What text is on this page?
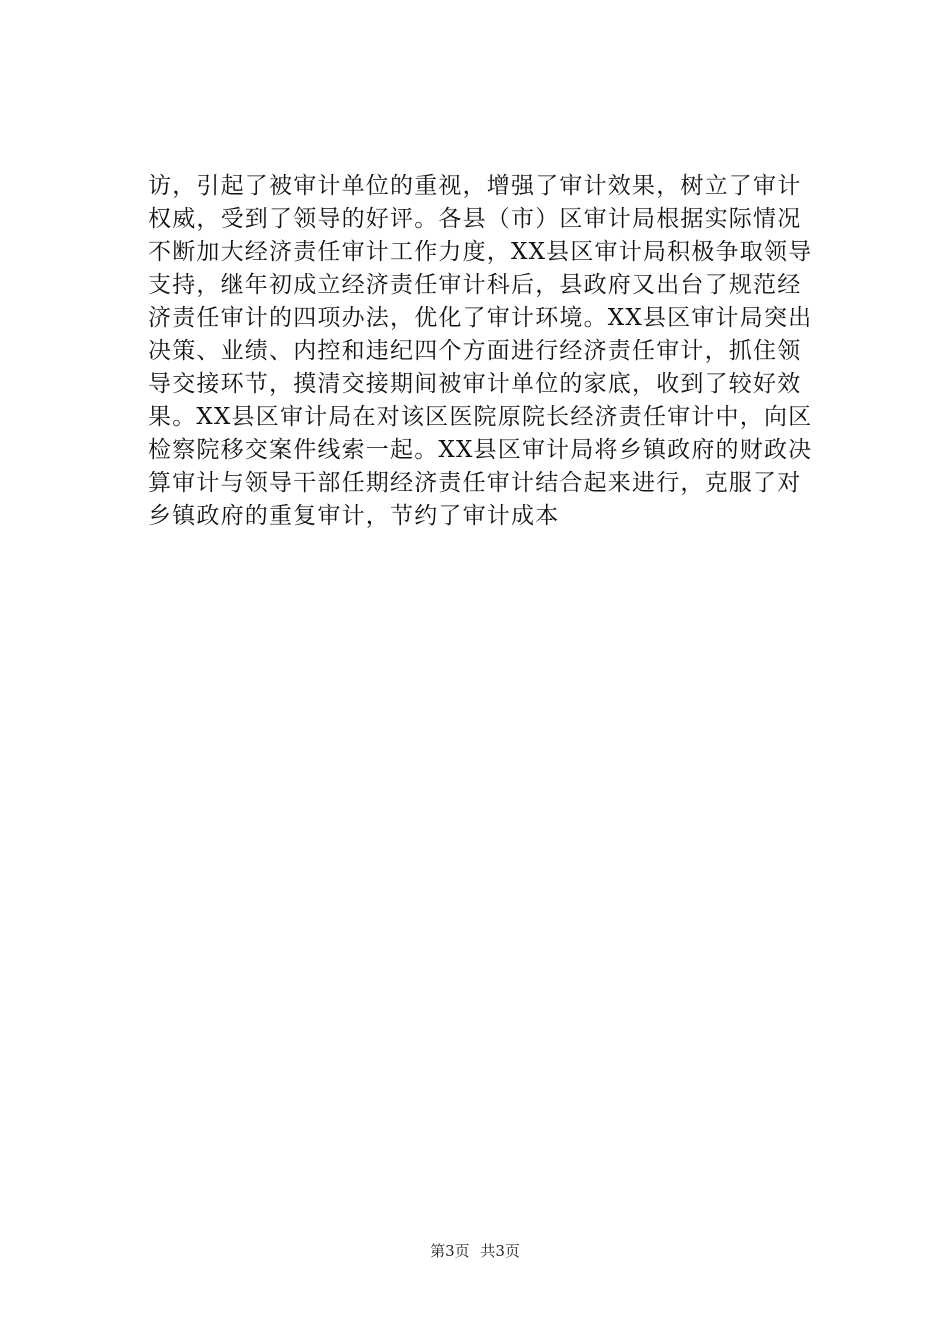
访，引起了被审计单位的重视，增强了审计效果，树立了审计
权威，受到了领导的好评。各县（市）区审计局根据实际情况
不断加大经济责任审计工作力度，XX县区审计局积极争取领导
支持，继年初成立经济责任审计科后，县政府又出台了规范经
济责任审计的四项办法，优化了审计环境。XX县区审计局突出
决策、业绩、内控和违纪四个方面进行经济责任审计，抓住领
导交接环节，摸清交接期间被审计单位的家底，收到了较好效
果。XX县区审计局在对该区医院原院长经济责任审计中，向区
检察院移交案件线索一起。XX县区审计局将乡镇政府的财政决
算审计与领导干部任期经济责任审计结合起来进行，克服了对
乡镇政府的重复审计，节约了审计成本
第3页 共3页
